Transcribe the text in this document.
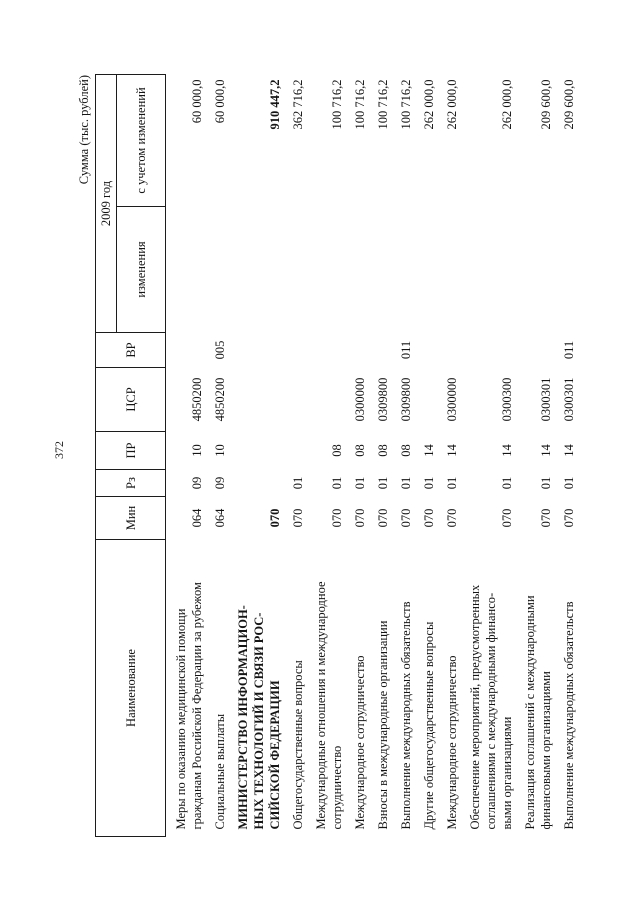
372
Сумма (тыс. рублей)
Наименование	Мин	Рз	ПР	ЦСР	ВР	2009 год	
						изменения	с учетом изменений

Меры по оказанию медицинской помощи гражданам Российской Федерации за рубежом	064	09	10	4850200			60 000,0

Социальные выплаты	064	09	10	4850200	005		60 000,0

МИНИСТЕРСТВО ИНФОРМАЦИОН- НЫХ ТЕХНОЛОГИЙ И СВЯЗИ РОС- СИЙСКОЙ ФЕДЕРАЦИИ	070						910 447,2

Общегосударственные вопросы	070	01					362 716,2

Международные отношения и международное сотрудничество	070	01	08				100 716,2

Международное сотрудничество	070	01	08	0300000			100 716,2

Взносы в международные организации	070	01	08	0309800			100 716,2

Выполнение международных обязательств	070	01	08	0309800	011		100 716,2

Другие общегосударственные вопросы	070	01	14				262 000,0

Международное сотрудничество	070	01	14	0300000			262 000,0

Обеспечение мероприятий, предусмотренных соглашениями с международными финансо- выми организациями	070	01	14	0300300			262 000,0

Реализация соглашений с международными финансовыми организациями	070	01	14	0300301			209 600,0

Выполнение международных обязательств	070	01	14	0300301	011		209 600,0
